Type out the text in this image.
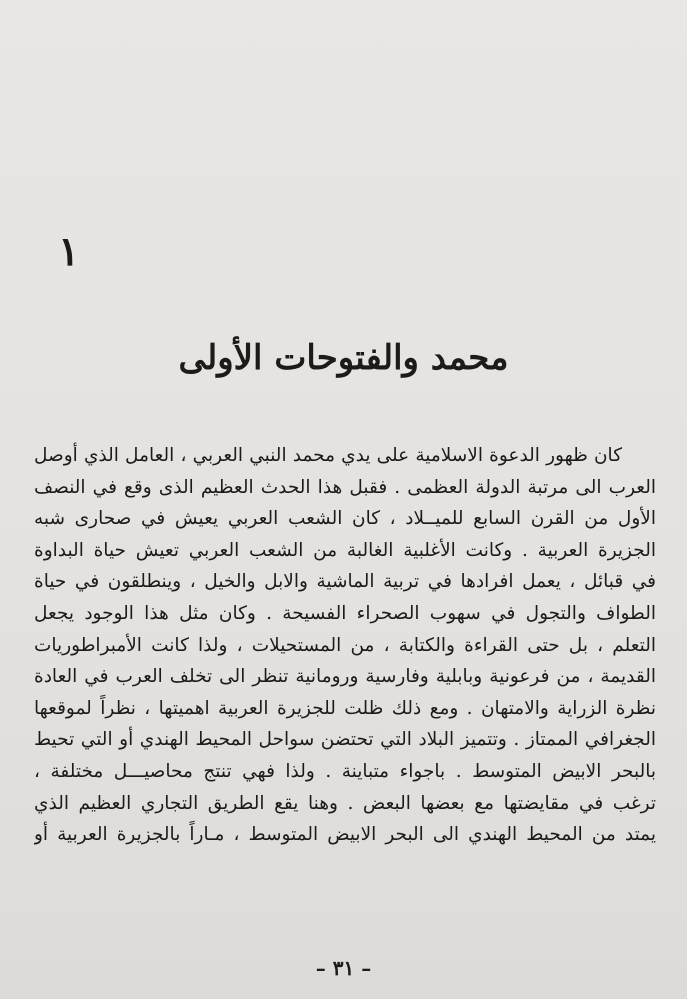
١
محمد والفتوحات الأولى
كان ظهور الدعوة الاسلامية على يدي محمد النبي العربي ، العامل الذي أوصل
العرب الى مرتبة الدولة العظمى . فقبل هذا الحدث العظيم الذى وقع في النصف
الأول من القرن السابع للميــلاد ، كان الشعب العربي يعيش في صحارى شبه
الجزيرة العربية . وكانت الأغلبية الغالبة من الشعب العربي تعيش حياة البداوة
في قبائل ، يعمل افرادها في تربية الماشية والابل والخيل ، وينطلقون في حياة
الطواف والتجول في سهوب الصحراء الفسيحة . وكان مثل هذا الوجود يجعل
التعلم ، بل حتى القراءة والكتابة ، من المستحيلات ، ولذا كانت الأمبراطوريات
القديمة ، من فرعونية وبابلية وفارسية ورومانية تنظر الى تخلف العرب في العادة
نظرة الزراية والامتهان . ومع ذلك ظلت للجزيرة العربية اهميتها ، نظراً لموقعها
الجغرافي الممتاز . وتتميز البلاد التي تحتضن سواحل المحيط الهندي أو التي تحيط
بالبحر الابيض المتوسط . باجواء متباينة . ولذا فهي تنتج محاصيـــل مختلفة ،
ترغب في مقايضتها مع بعضها البعض . وهنا يقع الطريق التجاري العظيم الذي
يمتد من المحيط الهندي الى البحر الابيض المتوسط ، مـاراً بالجزيرة العربية أو
– ٣١ –
